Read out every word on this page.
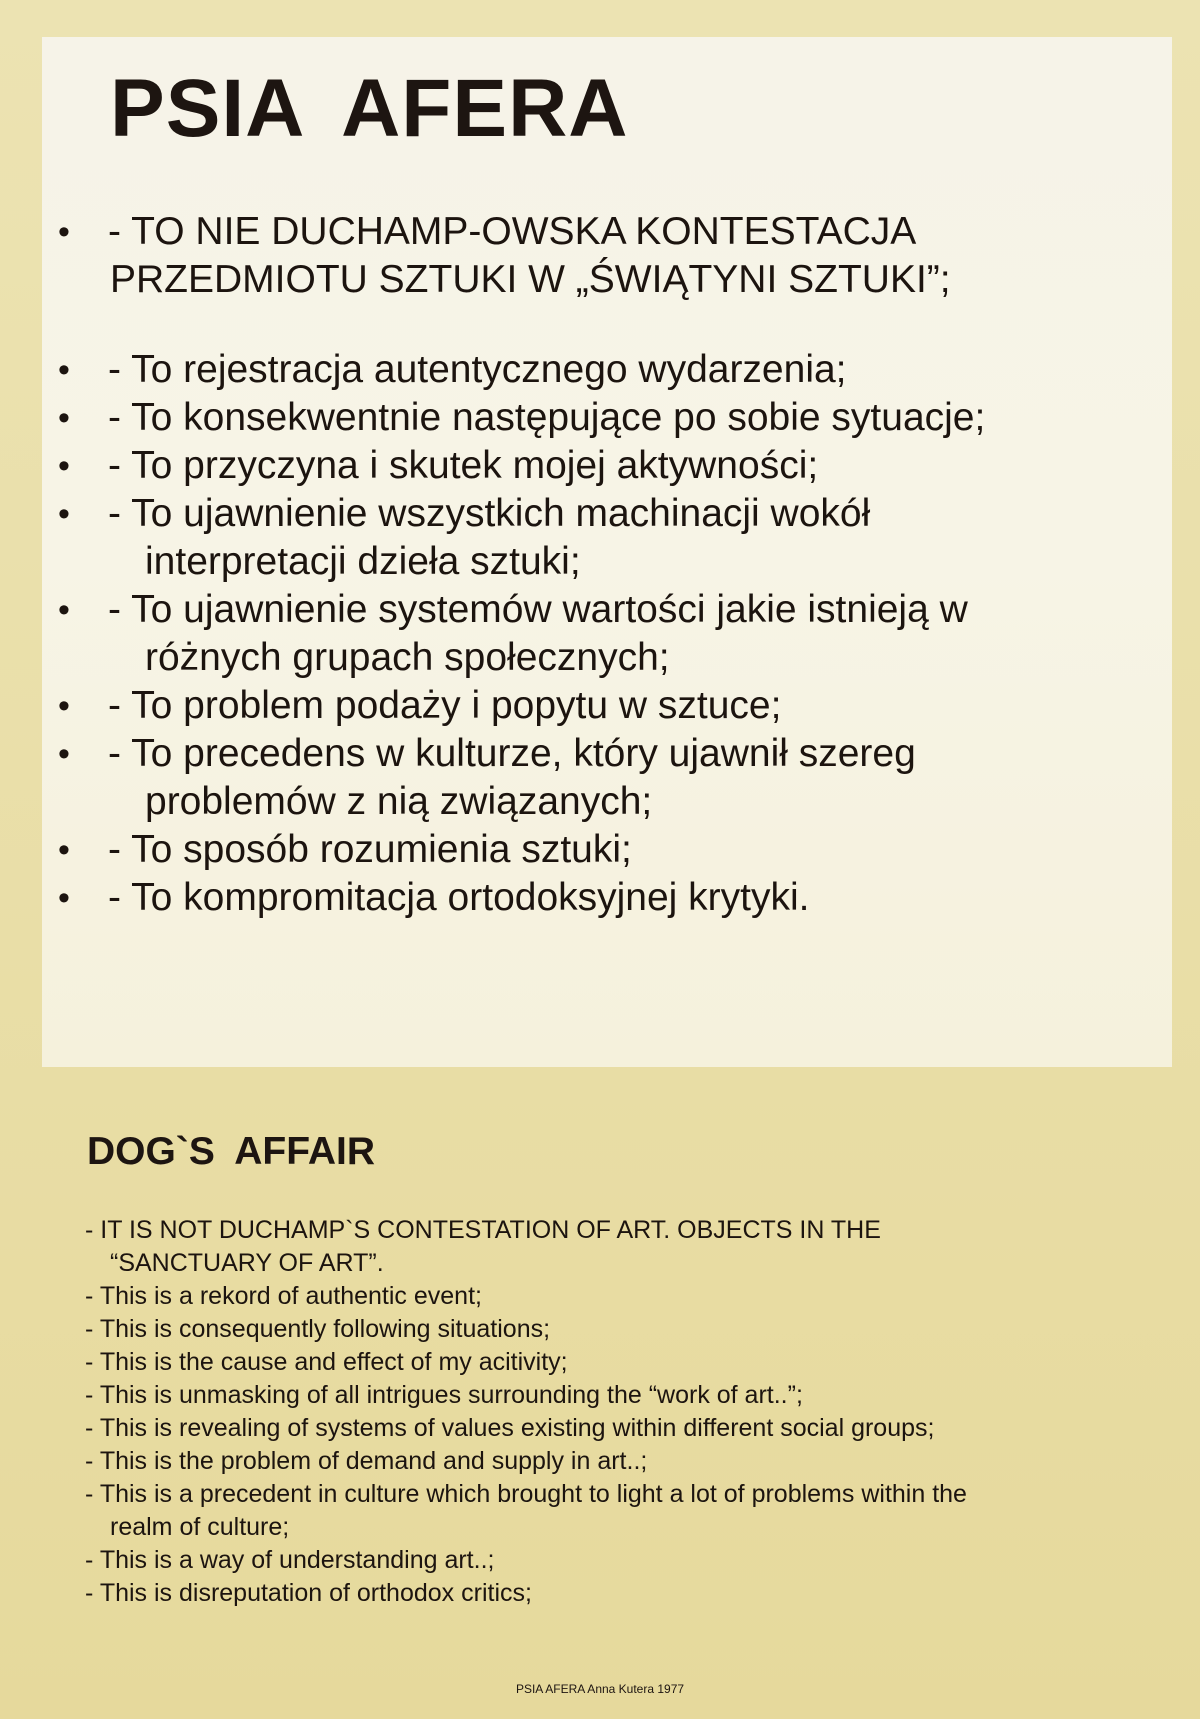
PSIA AFERA
• - TO NIE DUCHAMP-OWSKA KONTESTACJA
PRZEDMIOTU SZTUKI W „ŚWIĄTYNI SZTUKI”;
• - To rejestracja autentycznego wydarzenia;
• - To konsekwentnie następujące po sobie sytuacje;
• - To przyczyna i skutek mojej aktywności;
• - To ujawnienie wszystkich machinacji wokół
interpretacji dzieła sztuki;
• - To ujawnienie systemów wartości jakie istnieją w
różnych grupach społecznych;
• - To problem podaży i popytu w sztuce;
• - To precedens w kulturze, który ujawnił szereg
problemów z nią związanych;
• - To sposób rozumienia sztuki;
• - To kompromitacja ortodoksyjnej krytyki.
DOG`S AFFAIR
- IT IS NOT DUCHAMP`S CONTESTATION OF ART. OBJECTS IN THE
“SANCTUARY OF ART”.
- This is a rekord of authentic event;
- This is consequently following situations;
- This is the cause and effect of my acitivity;
- This is unmasking of all intrigues surrounding the “work of art..”;
- This is revealing of systems of values existing within different social groups;
- This is the problem of demand and supply in art..;
- This is a precedent in culture which brought to light a lot of problems within the
realm of culture;
- This is a way of understanding art..;
- This is disreputation of orthodox critics;
PSIA AFERA Anna Kutera 1977
